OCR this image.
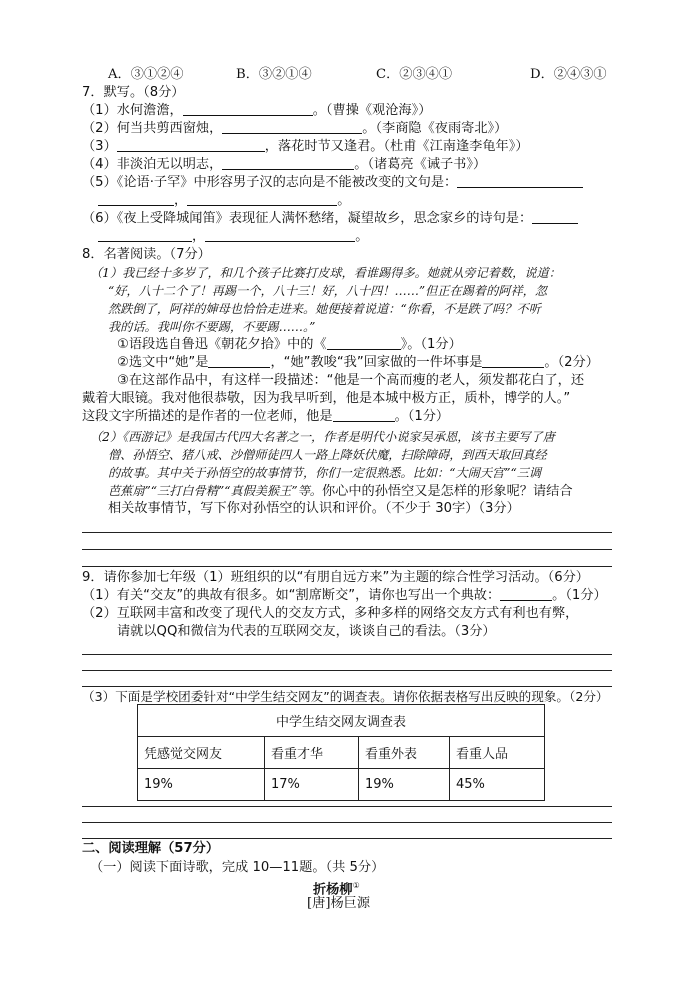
A．③①②④	B．③②①④	C．②③④①	D．②④③①
7．默写。（8分）
（1）水何澹澹，	。（曹操《观沧海》）
（2）何当共剪西窗烛，	。（李商隐《夜雨寄北》）
（3）	，落花时节又逢君。（杜甫《江南逢李龟年》）
（4）非淡泊无以明志，	。（诸葛亮《诫子书》）
（5）《论语·子罕》中形容男子汉的志向是不能被改变的文句是：
，	。
（6）《夜上受降城闻笛》表现征人满怀愁绪，凝望故乡，思念家乡的诗句是：
，	。
8．名著阅读。（7分）
（1）我已经十多岁了，和几个孩子比赛打皮球，看谁踢得多。她就从旁记着数，说道：
“好，八十二个了！再踢一个，八十三！好，八十四！……”但正在踢着的阿祥，忽
然跌倒了，阿祥的婶母也恰恰走进来。她便接着说道：“你看，不是跌了吗？不听
我的话。我叫你不要踢，不要踢……。”
①语段选自鲁迅《朝花夕拾》中的《	》。（1分）
②选文中“她”是	，“她”教唆“我”回家做的一件坏事是	。（2分）
③在这部作品中，有这样一段描述：“他是一个高而瘦的老人，须发都花白了，还
戴着大眼镜。我对他很恭敬，因为我早听到，他是本城中极方正，质朴，博学的人。”
这段文字所描述的是作者的一位老师，他是	。（1分）
（2）《西游记》是我国古代四大名著之一，作者是明代小说家吴承恩，该书主要写了唐
僧、孙悟空、猪八戒、沙僧师徒四人一路上降妖伏魔，扫除障碍，到西天取回真经
的故事。其中关于孙悟空的故事情节，你们一定很熟悉。比如：“大闹天宫”“三调
芭蕉扇”“三打白骨精”“真假美猴王”等。你心中的孙悟空又是怎样的形象呢？请结合
相关故事情节，写下你对孙悟空的认识和评价。（不少于 30字）（3分）
9．请你参加七年级（1）班组织的以“有朋自远方来”为主题的综合性学习活动。（6分）
（1）有关“交友”的典故有很多。如“割席断交”，请你也写出一个典故：	。（1分）
（2）互联网丰富和改变了现代人的交友方式，多种多样的网络交友方式有利也有弊，
请就以QQ和微信为代表的互联网交友，谈谈自己的看法。（3分）
（3）下面是学校团委针对“中学生结交网友”的调查表。请你依据表格写出反映的现象。（2分）
中学生结交网友调查表			
凭感觉交网友	看重才华	看重外表	看重人品
19%	17%	19%	45%
二、阅读理解（57分）
（一）阅读下面诗歌，完成 10—11题。（共 5分）
折杨柳①
[唐]杨巨源
